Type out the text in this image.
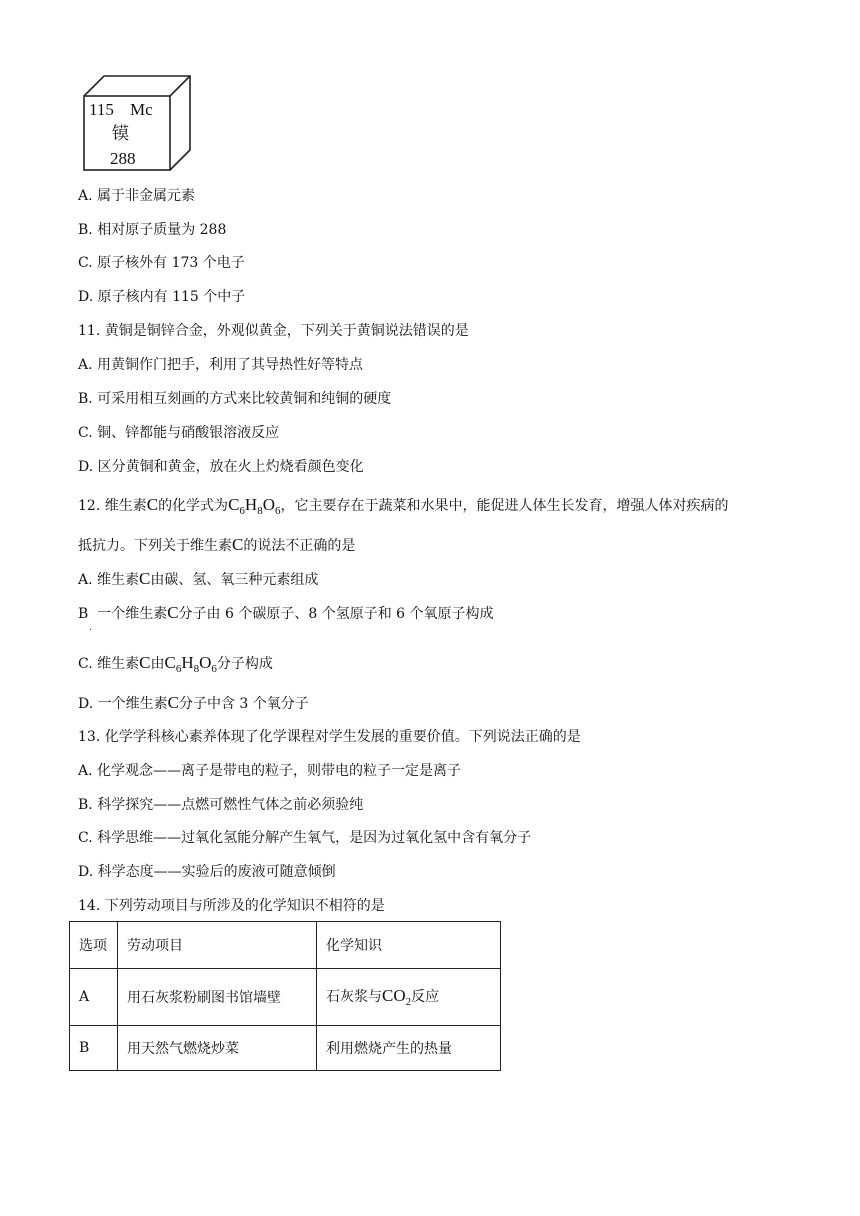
115 Mc
镆
288
A. 属于非金属元素
B. 相对原子质量为 288
C. 原子核外有 173 个电子
D. 原子核内有 115 个中子
11. 黄铜是铜锌合金，外观似黄金，下列关于黄铜说法错误的是
A. 用黄铜作门把手，利用了其导热性好等特点
B. 可采用相互刻画的方式来比较黄铜和纯铜的硬度
C. 铜、锌都能与硝酸银溶液反应
D. 区分黄铜和黄金，放在火上灼烧看颜色变化
12. 维生素C的化学式为$C_6H_8O_6$，它主要存在于蔬菜和水果中，能促进人体生长发育，增强人体对疾病的
抵抗力。下列关于维生素C的说法不正确的是
A. 维生素C由碳、氢、氧三种元素组成
B 一个维生素C分子由 6 个碳原子、8 个氢原子和 6 个氧原子构成
.
C. 维生素C由$C_6H_8O_6$分子构成
D. 一个维生素C分子中含 3 个氧分子
13. 化学学科核心素养体现了化学课程对学生发展的重要价值。下列说法正确的是
A. 化学观念——离子是带电的粒子，则带电的粒子一定是离子
B. 科学探究——点燃可燃性气体之前必须验纯
C. 科学思维——过氧化氢能分解产生氧气，是因为过氧化氢中含有氧分子
D. 科学态度——实验后的废液可随意倾倒
14. 下列劳动项目与所涉及的化学知识不相符的是
选项	劳动项目	化学知识
A	用石灰浆粉刷图书馆墙壁	石灰浆与$CO_2$反应
B	用天然气燃烧炒菜	利用燃烧产生的热量
